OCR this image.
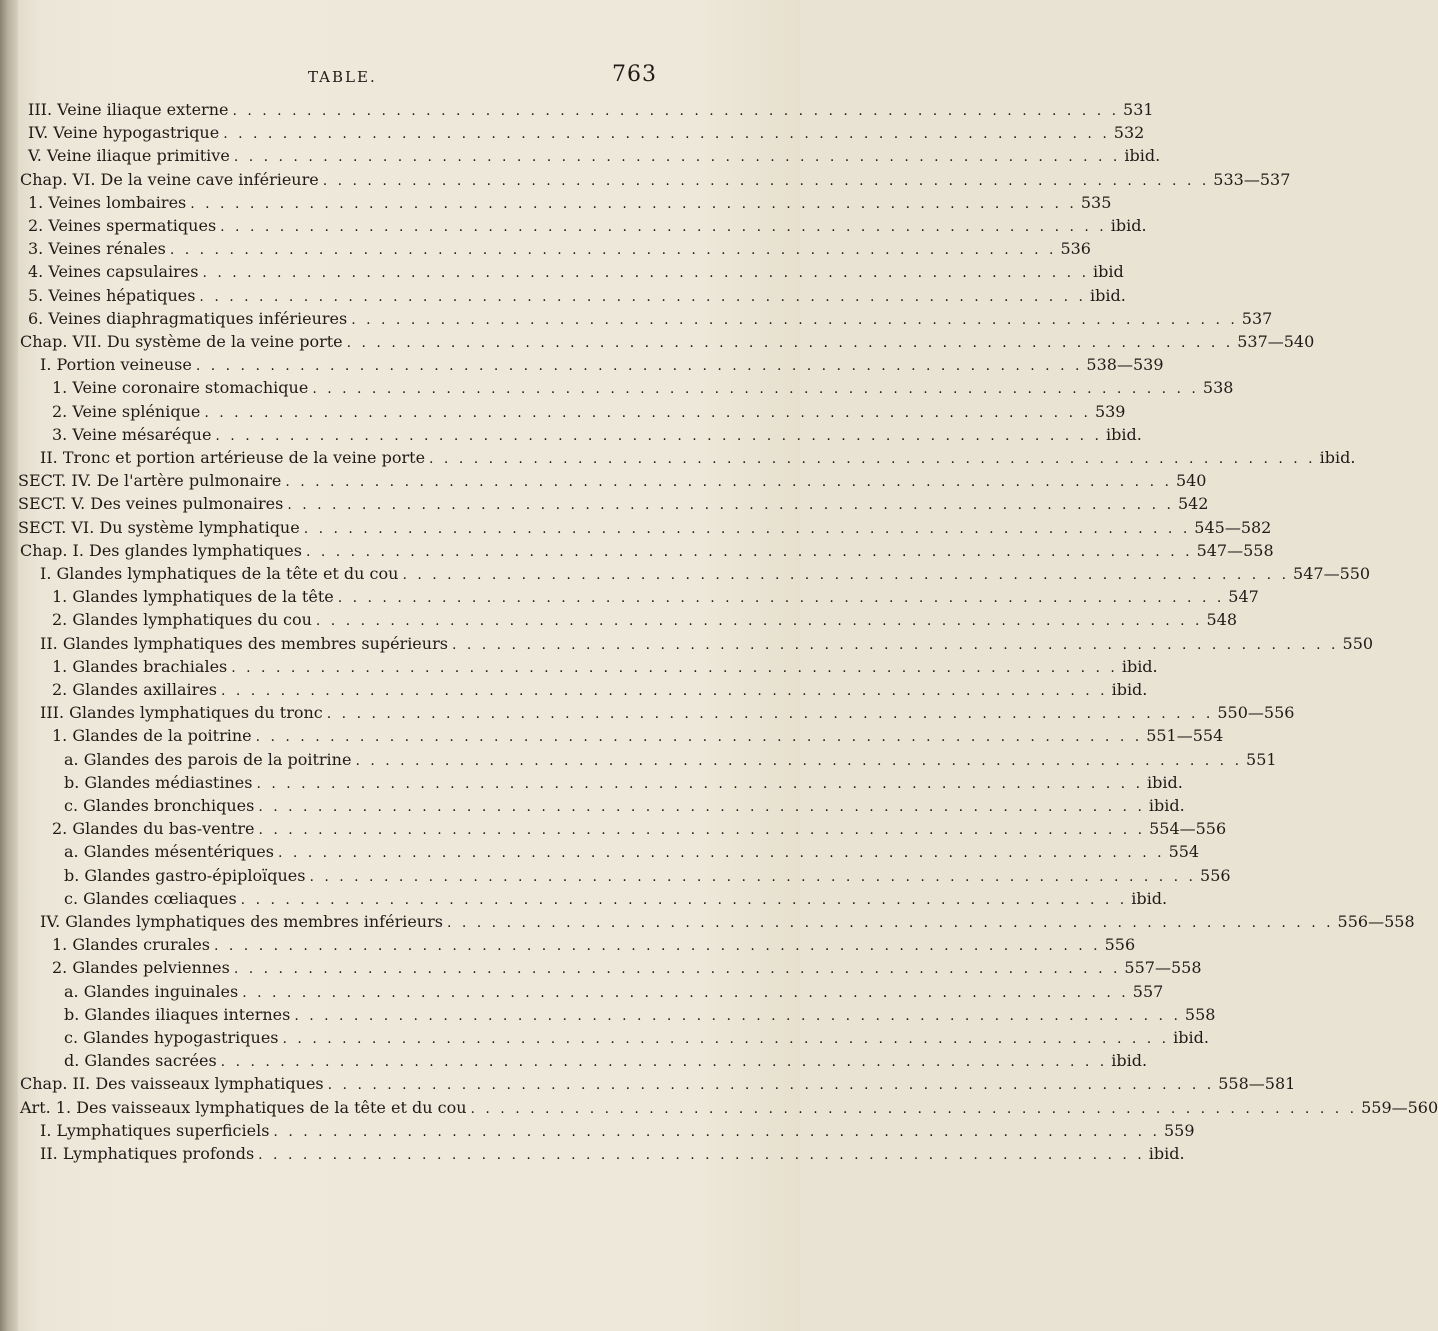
TABLE.	763
III. Veine iliaque externe . . . . . . . . . . . . . . . . . . . . . . . . . . . . . . . . . . . . . . . . . . . . . . . . . . . . . . . . . . . . 531
IV. Veine hypogastrique . . . . . . . . . . . . . . . . . . . . . . . . . . . . . . . . . . . . . . . . . . . . . . . . . . . . . . . . . . . . 532
V. Veine iliaque primitive . . . . . . . . . . . . . . . . . . . . . . . . . . . . . . . . . . . . . . . . . . . . . . . . . . . . . . . . . . . . ibid.
Chap. VI. De la veine cave inférieure . . . . . . . . . . . . . . . . . . . . . . . . . . . . . . . . . . . . . . . . . . . . . . . . . . . . . . . . . . . . 533—537
1. Veines lombaires . . . . . . . . . . . . . . . . . . . . . . . . . . . . . . . . . . . . . . . . . . . . . . . . . . . . . . . . . . . . 535
2. Veines spermatiques . . . . . . . . . . . . . . . . . . . . . . . . . . . . . . . . . . . . . . . . . . . . . . . . . . . . . . . . . . . . ibid.
3. Veines rénales . . . . . . . . . . . . . . . . . . . . . . . . . . . . . . . . . . . . . . . . . . . . . . . . . . . . . . . . . . . . 536
4. Veines capsulaires . . . . . . . . . . . . . . . . . . . . . . . . . . . . . . . . . . . . . . . . . . . . . . . . . . . . . . . . . . . . ibid
5. Veines hépatiques . . . . . . . . . . . . . . . . . . . . . . . . . . . . . . . . . . . . . . . . . . . . . . . . . . . . . . . . . . . . ibid.
6. Veines diaphragmatiques inférieures . . . . . . . . . . . . . . . . . . . . . . . . . . . . . . . . . . . . . . . . . . . . . . . . . . . . . . . . . . . . 537
Chap. VII. Du système de la veine porte . . . . . . . . . . . . . . . . . . . . . . . . . . . . . . . . . . . . . . . . . . . . . . . . . . . . . . . . . . . . 537—540
I. Portion veineuse . . . . . . . . . . . . . . . . . . . . . . . . . . . . . . . . . . . . . . . . . . . . . . . . . . . . . . . . . . . . 538—539
1. Veine coronaire stomachique . . . . . . . . . . . . . . . . . . . . . . . . . . . . . . . . . . . . . . . . . . . . . . . . . . . . . . . . . . . . 538
2. Veine splénique . . . . . . . . . . . . . . . . . . . . . . . . . . . . . . . . . . . . . . . . . . . . . . . . . . . . . . . . . . . . 539
3. Veine mésaréque . . . . . . . . . . . . . . . . . . . . . . . . . . . . . . . . . . . . . . . . . . . . . . . . . . . . . . . . . . . . ibid.
II. Tronc et portion artérieuse de la veine porte . . . . . . . . . . . . . . . . . . . . . . . . . . . . . . . . . . . . . . . . . . . . . . . . . . . . . . . . . . . . ibid.
SECT. IV. De l'artère pulmonaire . . . . . . . . . . . . . . . . . . . . . . . . . . . . . . . . . . . . . . . . . . . . . . . . . . . . . . . . . . . . 540
SECT. V. Des veines pulmonaires . . . . . . . . . . . . . . . . . . . . . . . . . . . . . . . . . . . . . . . . . . . . . . . . . . . . . . . . . . . . 542
SECT. VI. Du système lymphatique . . . . . . . . . . . . . . . . . . . . . . . . . . . . . . . . . . . . . . . . . . . . . . . . . . . . . . . . . . . . 545—582
Chap. I. Des glandes lymphatiques . . . . . . . . . . . . . . . . . . . . . . . . . . . . . . . . . . . . . . . . . . . . . . . . . . . . . . . . . . . . 547—558
I. Glandes lymphatiques de la tête et du cou . . . . . . . . . . . . . . . . . . . . . . . . . . . . . . . . . . . . . . . . . . . . . . . . . . . . . . . . . . . . 547—550
1. Glandes lymphatiques de la tête . . . . . . . . . . . . . . . . . . . . . . . . . . . . . . . . . . . . . . . . . . . . . . . . . . . . . . . . . . . . 547
2. Glandes lymphatiques du cou . . . . . . . . . . . . . . . . . . . . . . . . . . . . . . . . . . . . . . . . . . . . . . . . . . . . . . . . . . . . 548
II. Glandes lymphatiques des membres supérieurs . . . . . . . . . . . . . . . . . . . . . . . . . . . . . . . . . . . . . . . . . . . . . . . . . . . . . . . . . . . . 550
1. Glandes brachiales . . . . . . . . . . . . . . . . . . . . . . . . . . . . . . . . . . . . . . . . . . . . . . . . . . . . . . . . . . . . ibid.
2. Glandes axillaires . . . . . . . . . . . . . . . . . . . . . . . . . . . . . . . . . . . . . . . . . . . . . . . . . . . . . . . . . . . . ibid.
III. Glandes lymphatiques du tronc . . . . . . . . . . . . . . . . . . . . . . . . . . . . . . . . . . . . . . . . . . . . . . . . . . . . . . . . . . . . 550—556
1. Glandes de la poitrine . . . . . . . . . . . . . . . . . . . . . . . . . . . . . . . . . . . . . . . . . . . . . . . . . . . . . . . . . . . . 551—554
a. Glandes des parois de la poitrine . . . . . . . . . . . . . . . . . . . . . . . . . . . . . . . . . . . . . . . . . . . . . . . . . . . . . . . . . . . . 551
b. Glandes médiastines . . . . . . . . . . . . . . . . . . . . . . . . . . . . . . . . . . . . . . . . . . . . . . . . . . . . . . . . . . . . ibid.
c. Glandes bronchiques . . . . . . . . . . . . . . . . . . . . . . . . . . . . . . . . . . . . . . . . . . . . . . . . . . . . . . . . . . . . ibid.
2. Glandes du bas-ventre . . . . . . . . . . . . . . . . . . . . . . . . . . . . . . . . . . . . . . . . . . . . . . . . . . . . . . . . . . . . 554—556
a. Glandes mésentériques . . . . . . . . . . . . . . . . . . . . . . . . . . . . . . . . . . . . . . . . . . . . . . . . . . . . . . . . . . . . 554
b. Glandes gastro-épiploïques . . . . . . . . . . . . . . . . . . . . . . . . . . . . . . . . . . . . . . . . . . . . . . . . . . . . . . . . . . . . 556
c. Glandes cœliaques . . . . . . . . . . . . . . . . . . . . . . . . . . . . . . . . . . . . . . . . . . . . . . . . . . . . . . . . . . . . ibid.
IV. Glandes lymphatiques des membres inférieurs . . . . . . . . . . . . . . . . . . . . . . . . . . . . . . . . . . . . . . . . . . . . . . . . . . . . . . . . . . . . 556—558
1. Glandes crurales . . . . . . . . . . . . . . . . . . . . . . . . . . . . . . . . . . . . . . . . . . . . . . . . . . . . . . . . . . . . 556
2. Glandes pelviennes . . . . . . . . . . . . . . . . . . . . . . . . . . . . . . . . . . . . . . . . . . . . . . . . . . . . . . . . . . . . 557—558
a. Glandes inguinales . . . . . . . . . . . . . . . . . . . . . . . . . . . . . . . . . . . . . . . . . . . . . . . . . . . . . . . . . . . . 557
b. Glandes iliaques internes . . . . . . . . . . . . . . . . . . . . . . . . . . . . . . . . . . . . . . . . . . . . . . . . . . . . . . . . . . . . 558
c. Glandes hypogastriques . . . . . . . . . . . . . . . . . . . . . . . . . . . . . . . . . . . . . . . . . . . . . . . . . . . . . . . . . . . . ibid.
d. Glandes sacrées . . . . . . . . . . . . . . . . . . . . . . . . . . . . . . . . . . . . . . . . . . . . . . . . . . . . . . . . . . . . ibid.
Chap. II. Des vaisseaux lymphatiques . . . . . . . . . . . . . . . . . . . . . . . . . . . . . . . . . . . . . . . . . . . . . . . . . . . . . . . . . . . . 558—581
Art. 1. Des vaisseaux lymphatiques de la tête et du cou . . . . . . . . . . . . . . . . . . . . . . . . . . . . . . . . . . . . . . . . . . . . . . . . . . . . . . . . . . . . 559—560
I. Lymphatiques superficiels . . . . . . . . . . . . . . . . . . . . . . . . . . . . . . . . . . . . . . . . . . . . . . . . . . . . . . . . . . . . 559
II. Lymphatiques profonds . . . . . . . . . . . . . . . . . . . . . . . . . . . . . . . . . . . . . . . . . . . . . . . . . . . . . . . . . . . . ibid.
